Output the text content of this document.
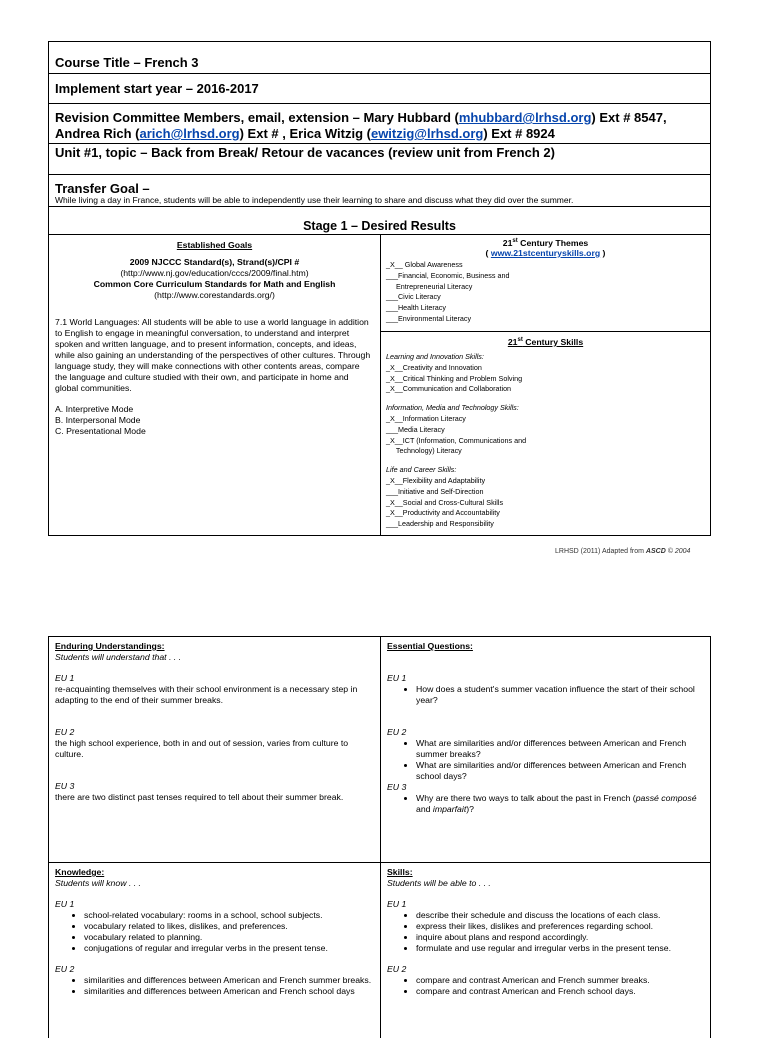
Course Title – French 3
Implement start year – 2016-2017
Revision Committee Members, email, extension – Mary Hubbard (mhubbard@lrhsd.org) Ext # 8547, Andrea Rich (arich@lrhsd.org) Ext # , Erica Witzig (ewitzig@lrhsd.org) Ext # 8924
Unit #1, topic – Back from Break/ Retour de vacances (review unit from French 2)
Transfer Goal –
While living a day in France, students will be able to independently use their learning to share and discuss what they did over the summer.
Stage 1 – Desired Results
Established Goals
2009 NJCCC Standard(s), Strand(s)/CPI #
(http://www.nj.gov/education/cccs/2009/final.htm)
Common Core Curriculum Standards for Math and English
(http://www.corestandards.org/)
7.1 World Languages: All students will be able to use a world language in addition to English to engage in meaningful conversation, to understand and interpret spoken and written language, and to present information, concepts, and ideas, while also gaining an understanding of the perspectives of other cultures. Through language study, they will make connections with other contents areas, compare the language and culture studied with their own, and participate in home and global communities.
A. Interpretive Mode
B. Interpersonal Mode
C. Presentational Mode
21st Century Themes
( www.21stcenturyskills.org )
_X__ Global Awareness
___Financial, Economic, Business and
Entrepreneurial Literacy
___Civic Literacy
___Health Literacy
___Environmental Literacy
21st Century Skills
Learning and Innovation Skills:
_X__Creativity and Innovation
_X__Critical Thinking and Problem Solving
_X__Communication and Collaboration
Information, Media and Technology Skills:
_X__Information Literacy
___Media Literacy
_X__ICT (Information, Communications and
Technology) Literacy
Life and Career Skills:
_X__Flexibility and Adaptability
___Initiative and Self-Direction
_X__Social and Cross-Cultural Skills
_X__Productivity and Accountability
___Leadership and Responsibility
LRHSD (2011) Adapted from ASCD © 2004
Enduring Understandings:
Students will understand that . . .
EU 1
re-acquainting themselves with their school environment is a necessary step in adapting to the end of their summer breaks.
EU 2
the high school experience, both in and out of session, varies from culture to culture.
EU 3
there are two distinct past tenses required to tell about their summer break.
Essential Questions:
EU 1
• How does a student's summer vacation influence the start of their school year?
EU 2
• What are similarities and/or differences between American and French summer breaks?
• What are similarities and/or differences between American and French school days?
EU 3
• Why are there two ways to talk about the past in French (passé composé and imparfait)?
Knowledge:
Students will know . . .
EU 1
• school-related vocabulary: rooms in a school, school subjects.
• vocabulary related to likes, dislikes, and preferences.
• vocabulary related to planning.
• conjugations of regular and irregular verbs in the present tense.
EU 2
• similarities and differences between American and French summer breaks.
• similarities and differences between American and French school days
Skills:
Students will be able to . . .
EU 1
• describe their schedule and discuss the locations of each class.
• express their likes, dislikes and preferences regarding school.
• inquire about plans and respond accordingly.
• formulate and use regular and irregular verbs in the present tense.
EU 2
• compare and contrast American and French summer breaks.
• compare and contrast American and French school days.
